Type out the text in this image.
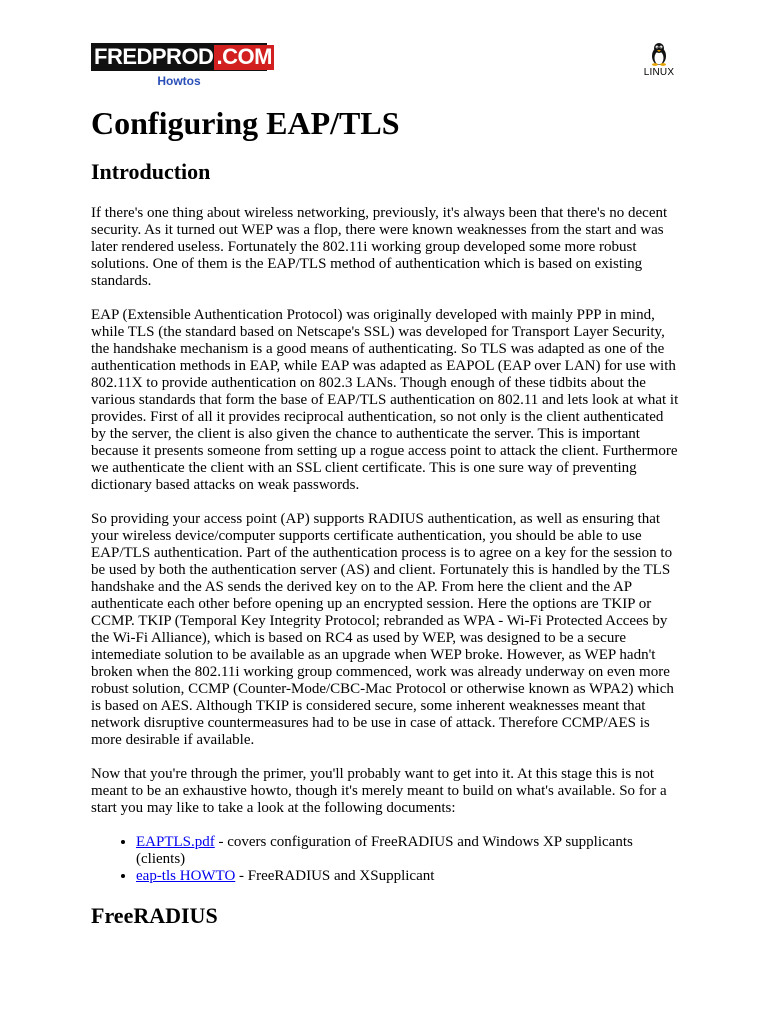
FREDPROD .COM
Howtos
LINUX
Configuring EAP/TLS
Introduction

If there's one thing about wireless networking, previously, it's always been that there's no decent security. As it turned out WEP was a flop, there were known weaknesses from the start and was later rendered useless. Fortunately the 802.11i working group developed some more robust solutions. One of them is the EAP/TLS method of authentication which is based on existing standards.

EAP (Extensible Authentication Protocol) was originally developed with mainly PPP in mind, while TLS (the standard based on Netscape's SSL) was developed for Transport Layer Security, the handshake mechanism is a good means of authenticating. So TLS was adapted as one of the authentication methods in EAP, while EAP was adapted as EAPOL (EAP over LAN) for use with 802.11X to provide authentication on 802.3 LANs. Though enough of these tidbits about the various standards that form the base of EAP/TLS authentication on 802.11 and lets look at what it provides. First of all it provides reciprocal authentication, so not only is the client authenticated by the server, the client is also given the chance to authenticate the server. This is important because it presents someone from setting up a rogue access point to attack the client. Furthermore we authenticate the client with an SSL client certificate. This is one sure way of preventing dictionary based attacks on weak passwords.

So providing your access point (AP) supports RADIUS authentication, as well as ensuring that your wireless device/computer supports certificate authentication, you should be able to use EAP/TLS authentication. Part of the authentication process is to agree on a key for the session to be used by both the authentication server (AS) and client. Fortunately this is handled by the TLS handshake and the AS sends the derived key on to the AP. From here the client and the AP authenticate each other before opening up an encrypted session. Here the options are TKIP or CCMP. TKIP (Temporal Key Integrity Protocol; rebranded as WPA - Wi-Fi Protected Accees by the Wi-Fi Alliance), which is based on RC4 as used by WEP, was designed to be a secure intemediate solution to be available as an upgrade when WEP broke. However, as WEP hadn't broken when the 802.11i working group commenced, work was already underway on even more robust solution, CCMP (Counter-Mode/CBC-Mac Protocol or otherwise known as WPA2) which is based on AES. Although TKIP is considered secure, some inherent weaknesses meant that network disruptive countermeasures had to be use in case of attack. Therefore CCMP/AES is more desirable if available.

Now that you're through the primer, you'll probably want to get into it. At this stage this is not meant to be an exhaustive howto, though it's merely meant to build on what's available. So for a start you may like to take a look at the following documents:

• EAPTLS.pdf - covers configuration of FreeRADIUS and Windows XP supplicants (clients)
• eap-tls HOWTO - FreeRADIUS and XSupplicant
FreeRADIUS
